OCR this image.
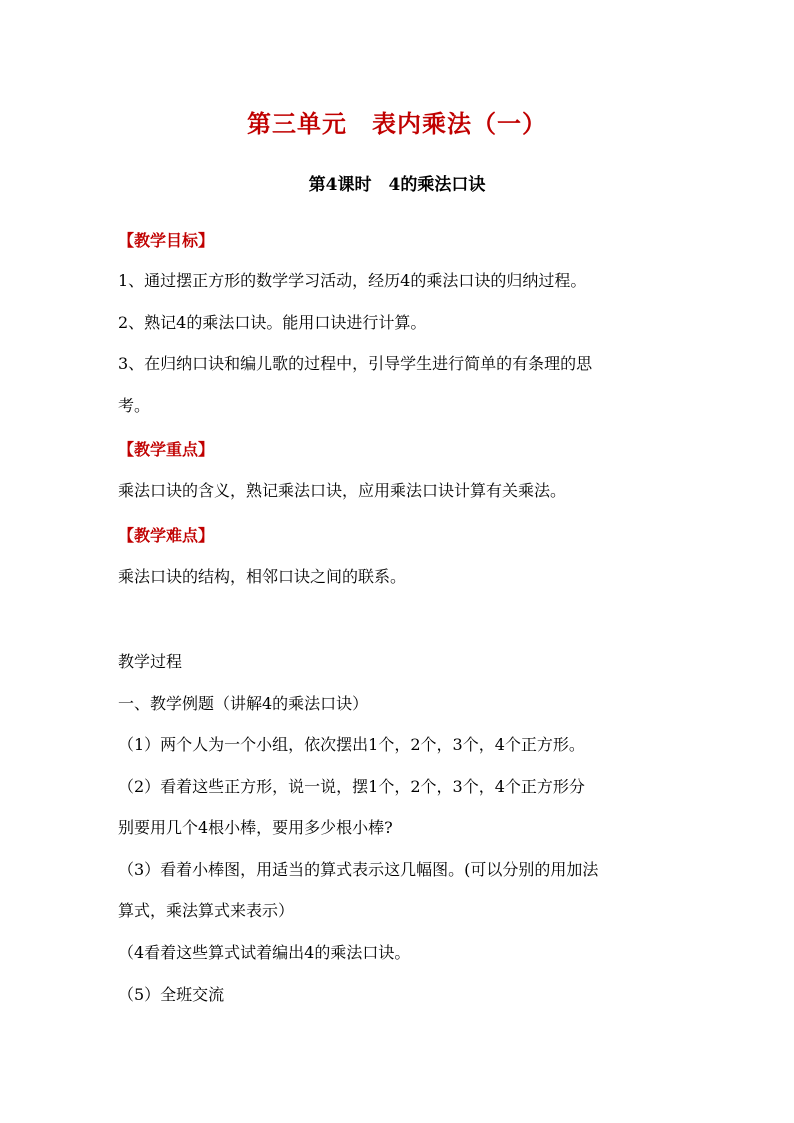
第三单元　表内乘法（一）
第4课时　4的乘法口诀
【教学目标】
1、通过摆正方形的数学学习活动，经历4的乘法口诀的归纳过程。
2、熟记4的乘法口诀。能用口诀进行计算。
3、在归纳口诀和编儿歌的过程中，引导学生进行简单的有条理的思
考。
【教学重点】
乘法口诀的含义，熟记乘法口诀，应用乘法口诀计算有关乘法。
【教学难点】
乘法口诀的结构，相邻口诀之间的联系。
教学过程
一、教学例题（讲解4的乘法口诀）
（1）两个人为一个小组，依次摆出1个，2个，3个，4个正方形。
（2）看着这些正方形，说一说，摆1个，2个，3个，4个正方形分
别要用几个4根小棒，要用多少根小棒?
（3）看着小棒图，用适当的算式表示这几幅图。(可以分别的用加法
算式，乘法算式来表示）
（4看着这些算式试着编出4的乘法口诀。
（5）全班交流
